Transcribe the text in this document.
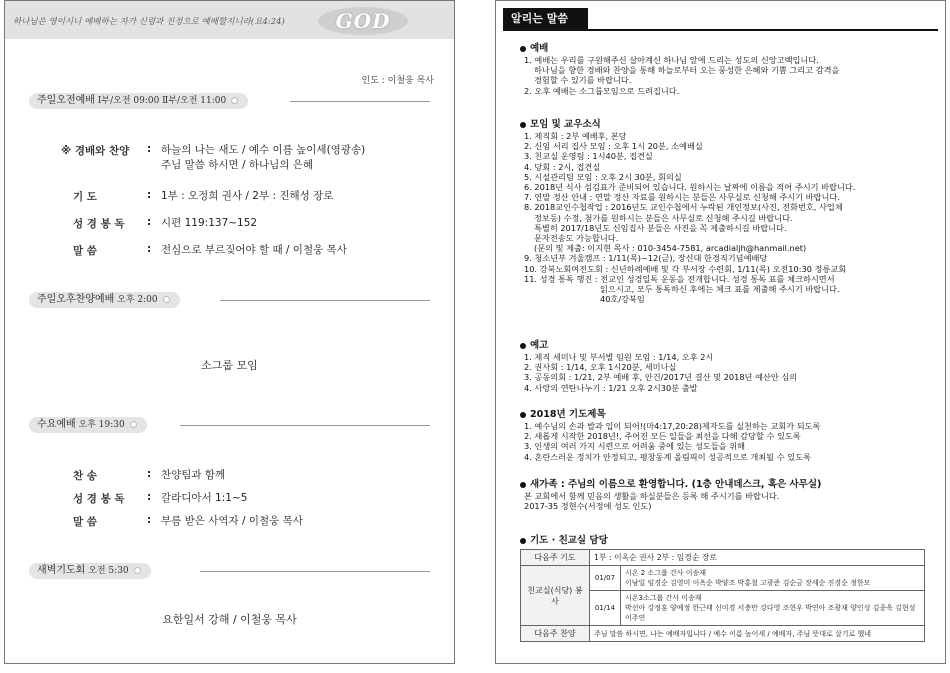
하나님은 영이시니 예배하는 자가 신령과 진정으로 예배할지니라(요4:24)	GOD
인도 : 이철웅 목사
주일오전예배 Ⅰ부/오전 09:00 Ⅱ부/오전 11:00
※ 경배와 찬양	: 하늘의 나는 새도 / 예수 이름 높이세(영광송)
주님 말씀 하시면 / 하나님의 은혜
기 도	: 1부 : 오정희 권사 / 2부 : 진해성 장로
성 경 봉 독	: 시편 119:137~152
말 씀	: 전심으로 부르짖어야 할 때 / 이철웅 목사
주일오후찬양예배 오후 2:00
소그룹 모임
수요예배 오후 19:30
찬 송	: 찬양팀과 함께
성 경 봉 독	: 갈라디아서 1:1~5
말 씀	: 부름 받은 사역자 / 이철웅 목사
새벽기도회 오전 5:30
요한일서 강해 / 이철웅 목사
알리는 말씀
예배
1. 예배는 우리를 구원해주신 살아계신 하나님 앞에 드리는 성도의 신앙고백입니다.
하나님을 향한 경배와 찬양을 통해 하늘로부터 오는 풍성한 은혜와 기쁨 그리고 감격을
경험할 수 있기를 바랍니다.
2. 오후 예배는 소그룹모임으로 드려집니다.
모임 및 교우소식
1. 제직회 : 2부 예배후, 본당
2. 신임 서리 집사 모임 : 오후 1시 20분, 소예배실
3. 친교실 운영팀 : 1시40분, 접견실
4. 당회 : 2시, 접견실
5. 시설관리팀 모임 : 오후 2시 30분, 회의실
6. 2018년 식사 섬김표가 준비되어 있습니다. 원하시는 날짜에 이름을 적어 주시기 바랍니다.
7. 연말 정산 안내 : 연말 정산 자료를 원하시는 분들은 사무실로 신청해 주시기 바랍니다.
8. 2018교인수첩작업 : 2016년도 교인수첩에서 누락된 개인정보(사진, 전화번호, 사업체
정보등) 수정, 첨가를 원하시는 분들은 사무실로 신청해 주시길 바랍니다.
특별히 2017/18년도 신임집사 분들은 사진을 꼭 제출하시길 바랍니다.
문자전송도 가능합니다.
(문의 및 제출: 이지현 목사 : 010-3454-7581, arcadialjh@hanmail.net)
9. 청소년부 겨울캠프 : 1/11(목)~12(금), 장신대 한경직기념예배당
10. 강북노회여전도회 : 신년하례예배 및 각 부서장 수련회, 1/11(목) 오전10:30 정릉교회
11. 성경 통독 행진 : 전교인 성경일독 운동을 전개합니다. 성경 통독 표를 체크하시면서
읽으시고, 모두 통독하신 후에는 체크 표를 제출해 주시기 바랍니다.
40호/강북임
예고
1. 제직 세미나 및 부서별 임원 모임 : 1/14, 오후 2시
2. 권사회 : 1/14, 오후 1시20분, 세미나실
3. 공동의회 : 1/21, 2부 예배 후, 안건/2017년 결산 및 2018년 예산안 심의
4. 사랑의 연탄나누기 : 1/21 오후 2시30분 출발
2018년 기도제목
1. 예수님의 손과 발과 입이 되어!(마4:17,20:28)제자도를 실천하는 교회가 되도록
2. 새롭게 시작한 2018년!, 주어진 모든 일들을 최선을 다해 감당할 수 있도록
3. 인생의 여러 가지 시련으로 어려움 중에 있는 성도들을 위해
4. 혼란스러운 정치가 안정되고, 평창동계 올림픽이 성공적으로 개최될 수 있도록
새가족 : 주님의 이름으로 환영합니다. (1층 안내데스크, 혹은 사무실)
본 교회에서 함께 믿음의 생활을 하실분들은 등록 해 주시기를 바랍니다.
2017-35 정현수(서정애 성도 인도)
기도 · 친교실 담당
다음주 기도	1부 : 이옥순 권사 2부 : 임경순 장로	
친교실(식당) 봉사	01/07	시온 2 소그룹 간사 이송재
이남일 임경순 김영미 이옥순 박양조 박홍철 고광준 김순금 장세순 진경순 정한모
	01/14	시온3소그룹 간사 이송재
박선아 강정훈 양예정 한근태 신미경 서충만 강다영 조현우 박연아 조광재 양인성 김종욱 김현성 이주연
다음주 찬양	주님 말씀 하시면, 나는 예배자입니다 / 예수 이름 높이세 / 예배자, 주님 뜻대로 살기로 했네	
